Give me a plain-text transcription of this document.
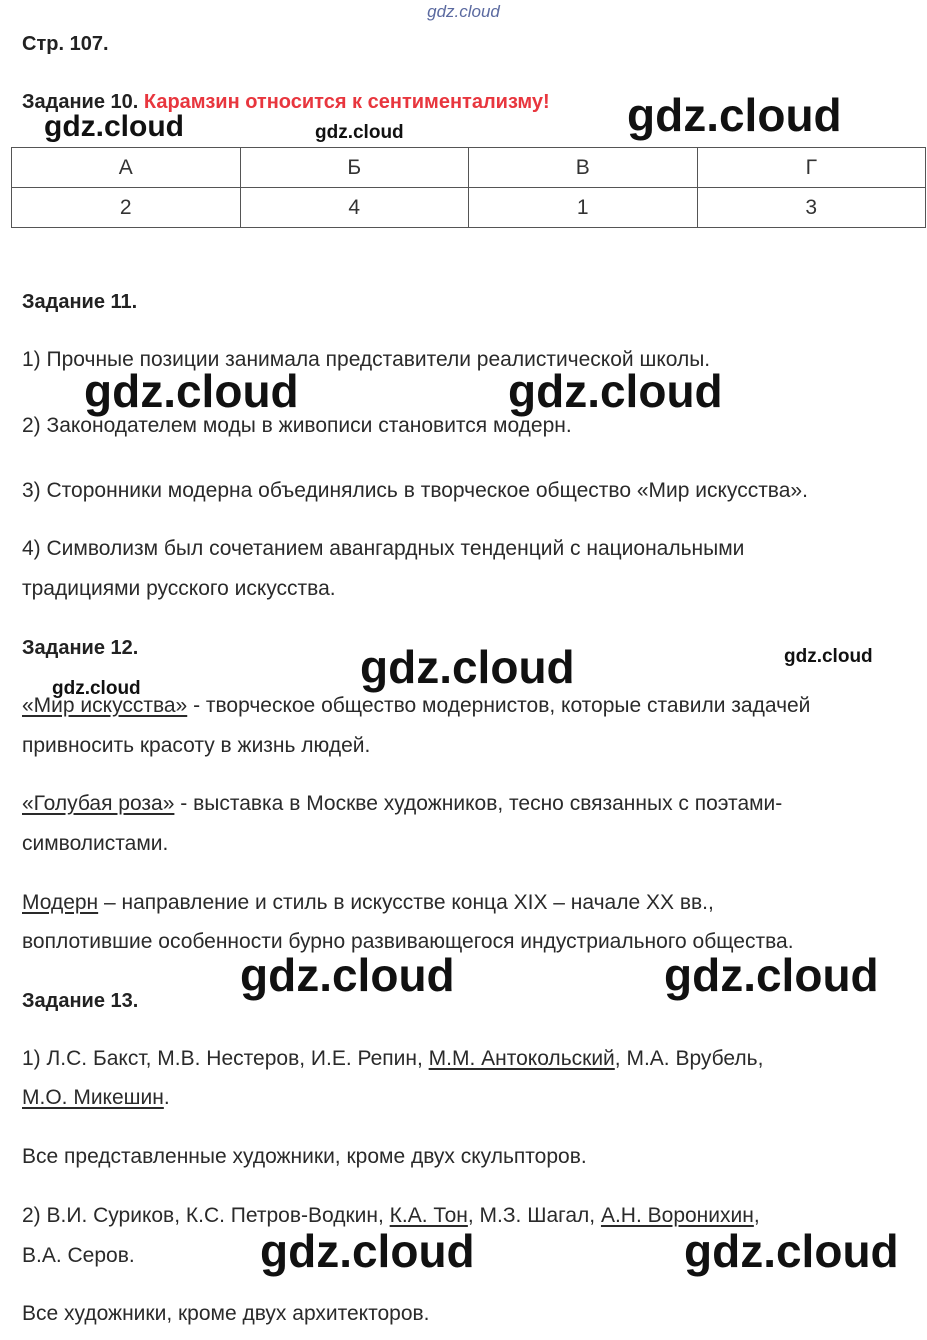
gdz.cloud
Стр. 107.
Задание 10. Карамзин относится к сентиментализму!
А	Б	В	Г
2	4	1	3
Задание 11.
1) Прочные позиции занимала представители реалистической школы.
2) Законодателем моды в живописи становится модерн.
3) Сторонники модерна объединялись в творческое общество «Мир искусства».
4) Символизм был сочетанием авангардных тенденций с национальными
традициями русского искусства.
Задание 12.
«Мир искусства» - творческое общество модернистов, которые ставили задачей
привносить красоту в жизнь людей.
«Голубая роза» - выставка в Москве художников, тесно связанных с поэтами-
символистами.
Модерн – направление и стиль в искусстве конца XIX – начале XX вв.,
воплотившие особенности бурно развивающегося индустриального общества.
Задание 13.
1) Л.С. Бакст, М.В. Нестеров, И.Е. Репин, М.М. Антокольский, М.А. Врубель,
М.О. Микешин.
Все представленные художники, кроме двух скульпторов.
2) В.И. Суриков, К.С. Петров-Водкин, К.А. Тон, М.З. Шагал, А.Н. Воронихин,
В.А. Серов.
Все художники, кроме двух архитекторов.
gdz.cloud	gdz.cloud	gdz.cloud
gdz.cloud	gdz.cloud
gdz.cloud	gdz.cloud
gdz.cloud
gdz.cloud	gdz.cloud
gdz.cloud	gdz.cloud
